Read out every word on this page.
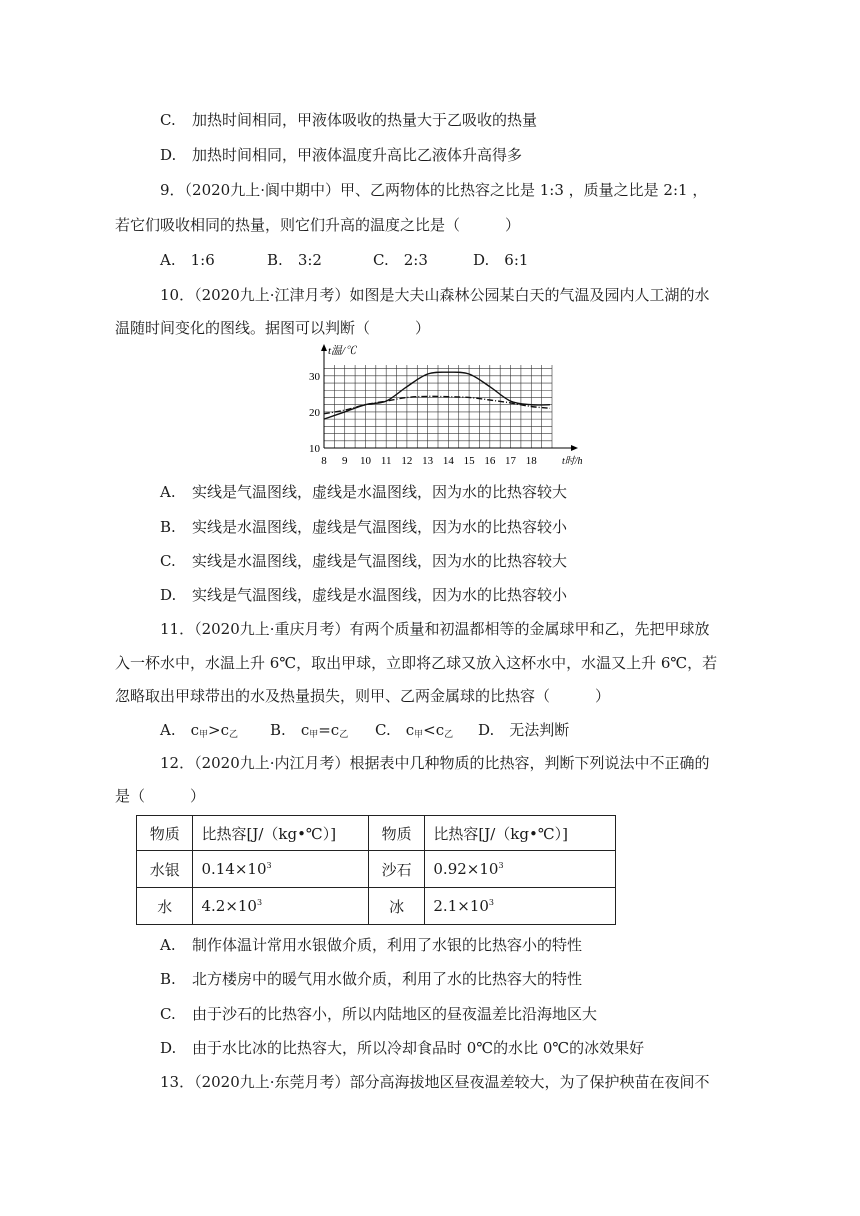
C. 加热时间相同，甲液体吸收的热量大于乙吸收的热量
D. 加热时间相同，甲液体温度升高比乙液体升高得多
9．（2020九上·阆中期中）甲、乙两物体的比热容之比是 1:3 ，质量之比是 2:1 ，
若它们吸收相同的热量，则它们升高的温度之比是（　　　）
A.　 1:6	B.　 3:2	C.　 2:3	D.　 6:1
10．（2020九上·江津月考）如图是大夫山森林公园某白天的气温及园内人工湖的水
温随时间变化的图线。据图可以判断（　　　）
8 9 10 11 12 13 14 15 16 17 18
10
20
30
t温/℃
t时/h
A. 实线是气温图线，虚线是水温图线，因为水的比热容较大
B. 实线是水温图线，虚线是气温图线，因为水的比热容较小
C. 实线是水温图线，虚线是气温图线，因为水的比热容较大
D. 实线是气温图线，虚线是水温图线，因为水的比热容较小
11．（2020九上·重庆月考）有两个质量和初温都相等的金属球甲和乙，先把甲球放
入一杯水中，水温上升 6℃，取出甲球，立即将乙球又放入这杯水中，水温又上升 6℃，若
忽略取出甲球带出的水及热量损失，则甲、乙两金属球的比热容（　　　）
A.　 $c_甲>c_乙$ B.　 $c_甲=c_乙$ C.　 $c_甲<c_乙$ D.　 无法判断
12．（2020九上·内江月考）根据表中几种物质的比热容，判断下列说法中不正确的
是（　　　）
物质	比热容[J/（kg•℃）]	物质	比热容[J/（kg•℃）]
水银	$0.14\times 10^3$	沙石	$0.92\times 10^3$
水	$4.2\times 10^3$	冰	$2.1\times 10^3$
A. 制作体温计常用水银做介质，利用了水银的比热容小的特性
B. 北方楼房中的暖气用水做介质，利用了水的比热容大的特性
C. 由于沙石的比热容小，所以内陆地区的昼夜温差比沿海地区大
D. 由于水比冰的比热容大，所以冷却食品时 0℃的水比 0℃的冰效果好
13．（2020九上·东莞月考）部分高海拔地区昼夜温差较大，为了保护秧苗在夜间不
